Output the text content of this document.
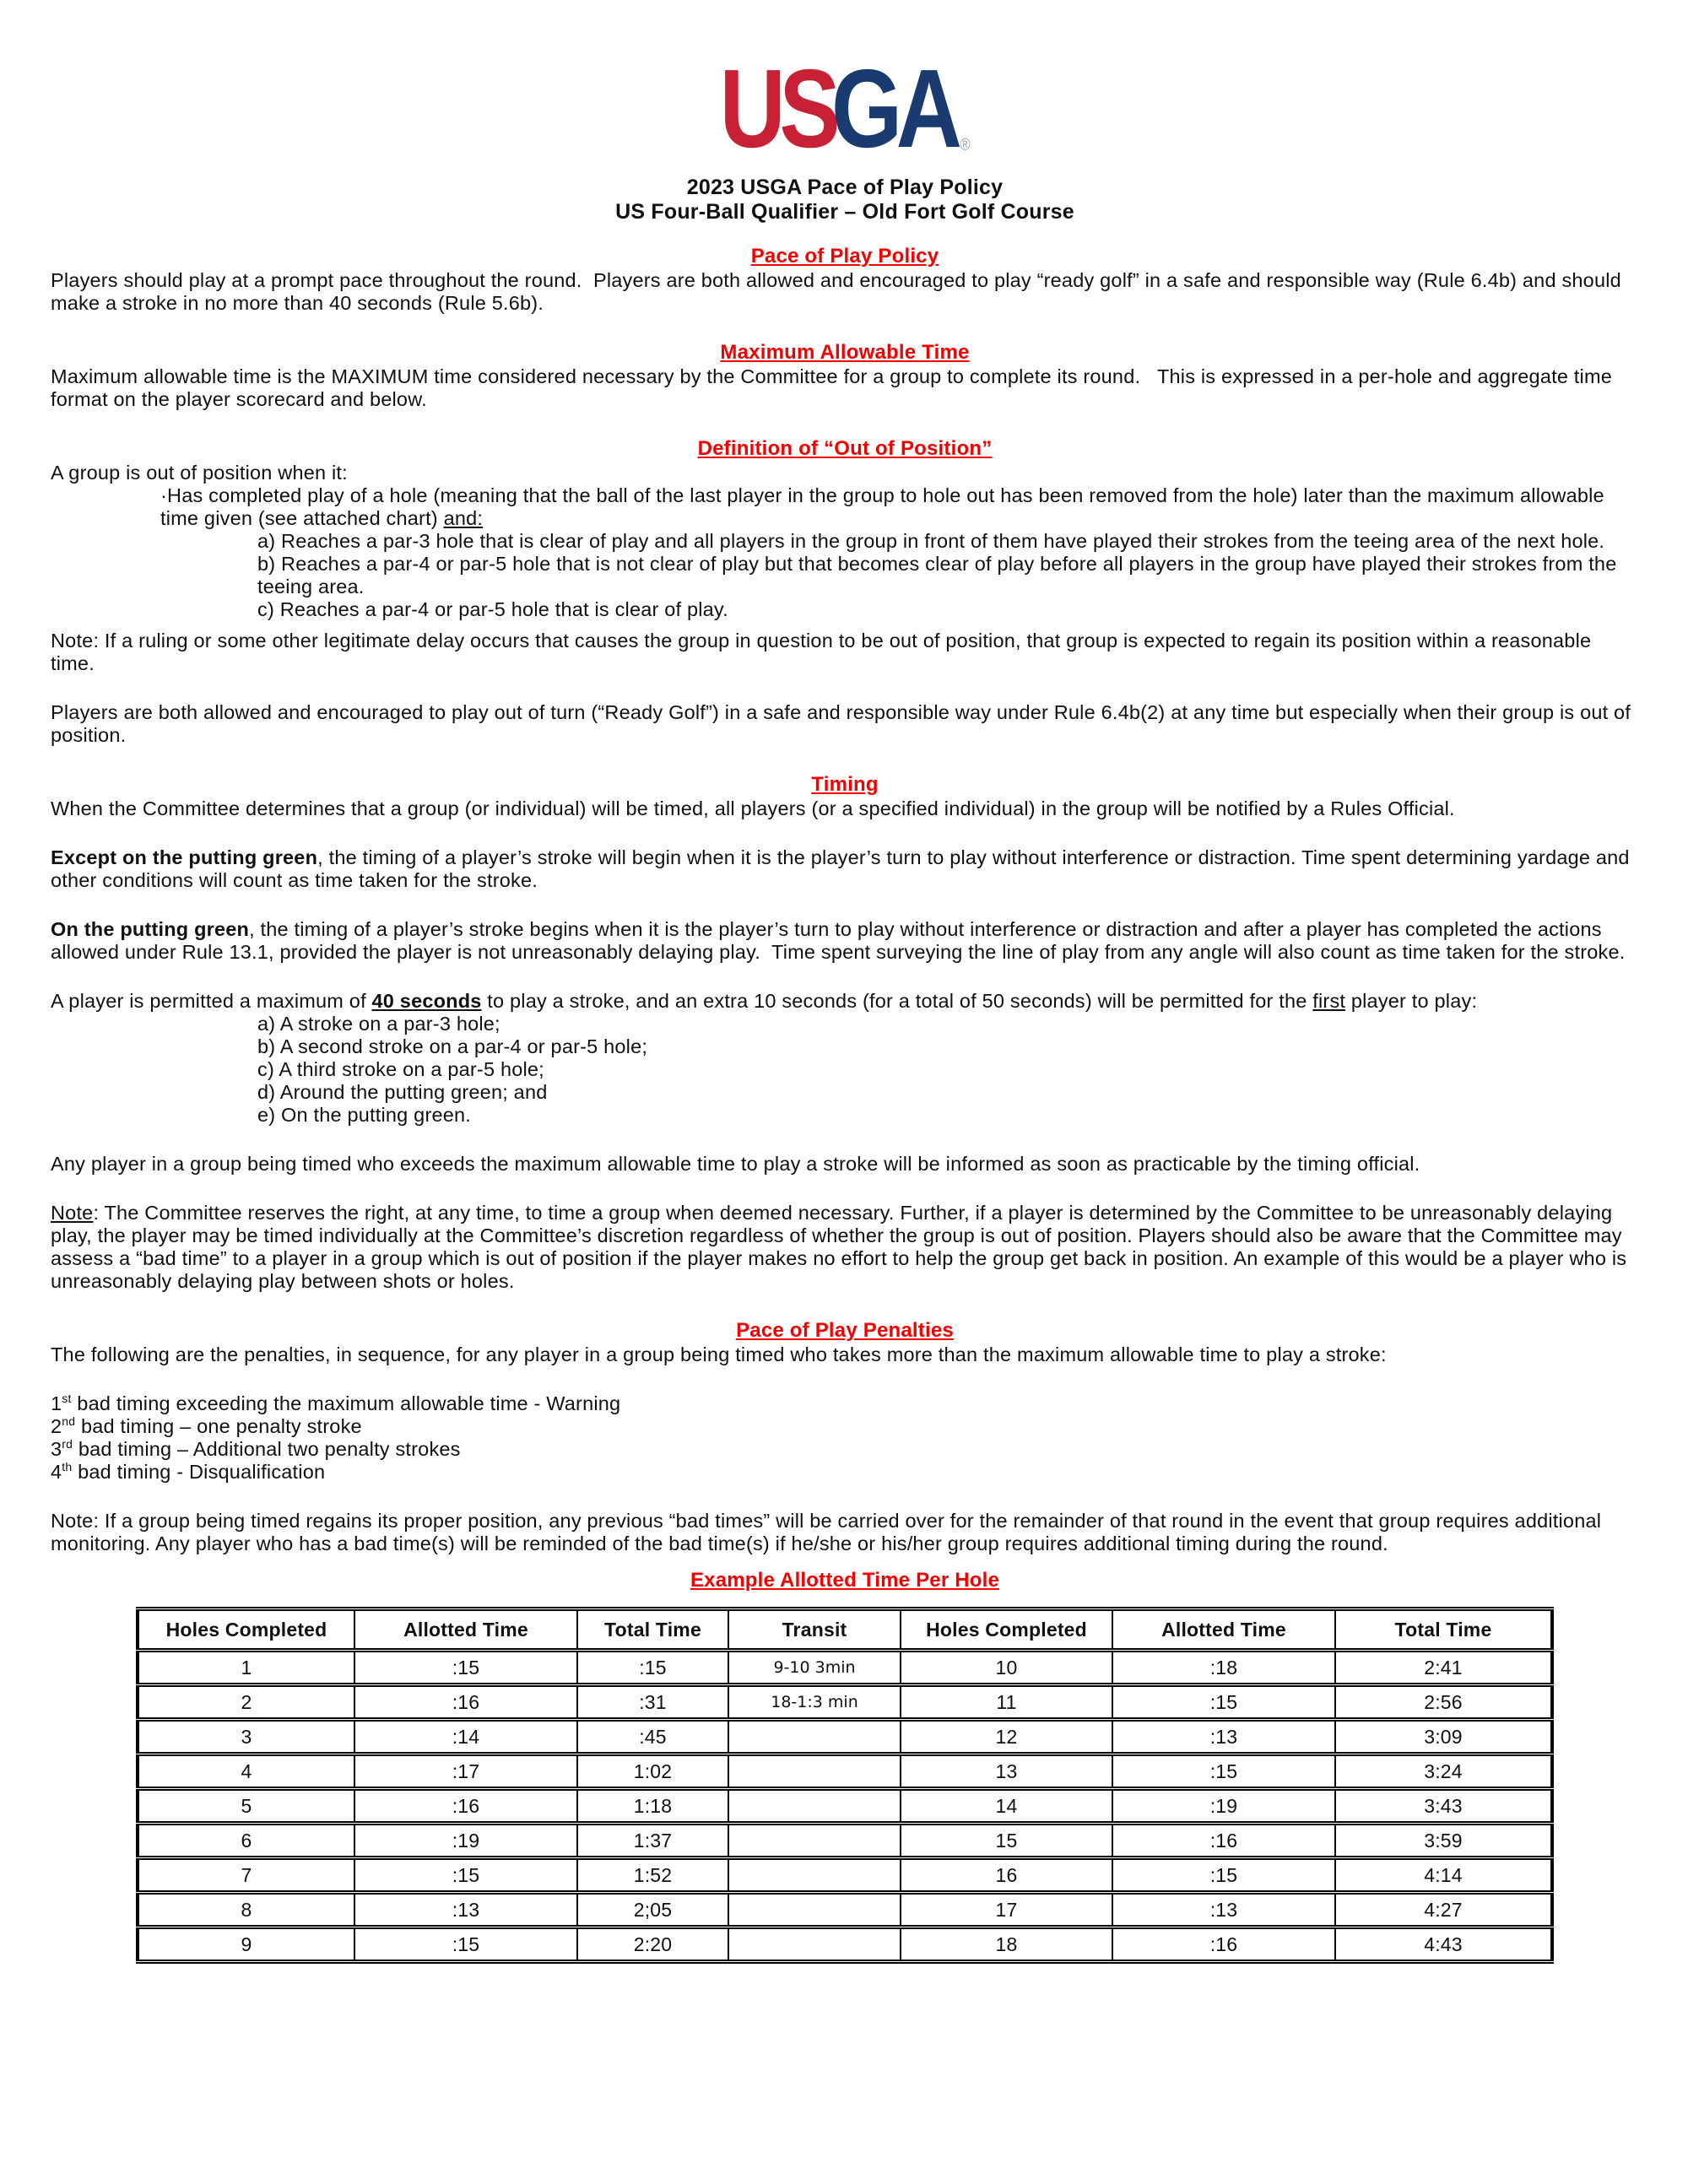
US
GA ®
2023 USGA Pace of Play Policy
US Four-Ball Qualifier – Old Fort Golf Course
Pace of Play Policy

Players should play at a prompt pace throughout the round.  Players are both allowed and encouraged to play “ready golf” in a safe and responsible way (Rule 6.4b) and should make a stroke in no more than 40 seconds (Rule 5.6b).

Maximum Allowable Time

Maximum allowable time is the MAXIMUM time considered necessary by the Committee for a group to complete its round.   This is expressed in a per-hole and aggregate time format on the player scorecard and below.

Definition of “Out of Position”

A group is out of position when it:

·Has completed play of a hole (meaning that the ball of the last player in the group to hole out has been removed from the hole) later than the maximum allowable time given (see attached chart) and:

a) Reaches a par-3 hole that is clear of play and all players in the group in front of them have played their strokes from the teeing area of the next hole.

b) Reaches a par-4 or par-5 hole that is not clear of play but that becomes clear of play before all players in the group have played their strokes from the teeing area.

c) Reaches a par-4 or par-5 hole that is clear of play.

Note: If a ruling or some other legitimate delay occurs that causes the group in question to be out of position, that group is expected to regain its position within a reasonable time.

Players are both allowed and encouraged to play out of turn (“Ready Golf”) in a safe and responsible way under Rule 6.4b(2) at any time but especially when their group is out of position.

Timing

When the Committee determines that a group (or individual) will be timed, all players (or a specified individual) in the group will be notified by a Rules Official.

Except on the putting green, the timing of a player’s stroke will begin when it is the player’s turn to play without interference or distraction. Time spent determining yardage and other conditions will count as time taken for the stroke.

On the putting green, the timing of a player’s stroke begins when it is the player’s turn to play without interference or distraction and after a player has completed the actions allowed under Rule 13.1, provided the player is not unreasonably delaying play.  Time spent surveying the line of play from any angle will also count as time taken for the stroke.

A player is permitted a maximum of 40 seconds to play a stroke, and an extra 10 seconds (for a total of 50 seconds) will be permitted for the first player to play:

a) A stroke on a par-3 hole;

b) A second stroke on a par-4 or par-5 hole;

c) A third stroke on a par-5 hole;

d) Around the putting green; and

e) On the putting green.

Any player in a group being timed who exceeds the maximum allowable time to play a stroke will be informed as soon as practicable by the timing official.

Note: The Committee reserves the right, at any time, to time a group when deemed necessary. Further, if a player is determined by the Committee to be unreasonably delaying play, the player may be timed individually at the Committee’s discretion regardless of whether the group is out of position. Players should also be aware that the Committee may assess a “bad time” to a player in a group which is out of position if the player makes no effort to help the group get back in position. An example of this would be a player who is unreasonably delaying play between shots or holes.

Pace of Play Penalties

The following are the penalties, in sequence, for any player in a group being timed who takes more than the maximum allowable time to play a stroke:

1st bad timing exceeding the maximum allowable time - Warning

2nd bad timing – one penalty stroke

3rd bad timing – Additional two penalty strokes

4th bad timing - Disqualification

Note: If a group being timed regains its proper position, any previous “bad times” will be carried over for the remainder of that round in the event that group requires additional monitoring. Any player who has a bad time(s) will be reminded of the bad time(s) if he/she or his/her group requires additional timing during the round.

Example Allotted Time Per Hole
Holes Completed	Allotted Time	Total Time	Transit	Holes Completed	Allotted Time	Total Time
1	:15	:15	9-10 3min	10	:18	2:41
2	:16	:31	18-1:3 min	11	:15	2:56
3	:14	:45		12	:13	3:09
4	:17	1:02		13	:15	3:24
5	:16	1:18		14	:19	3:43
6	:19	1:37		15	:16	3:59
7	:15	1:52		16	:15	4:14
8	:13	2;05		17	:13	4:27
9	:15	2:20		18	:16	4:43
